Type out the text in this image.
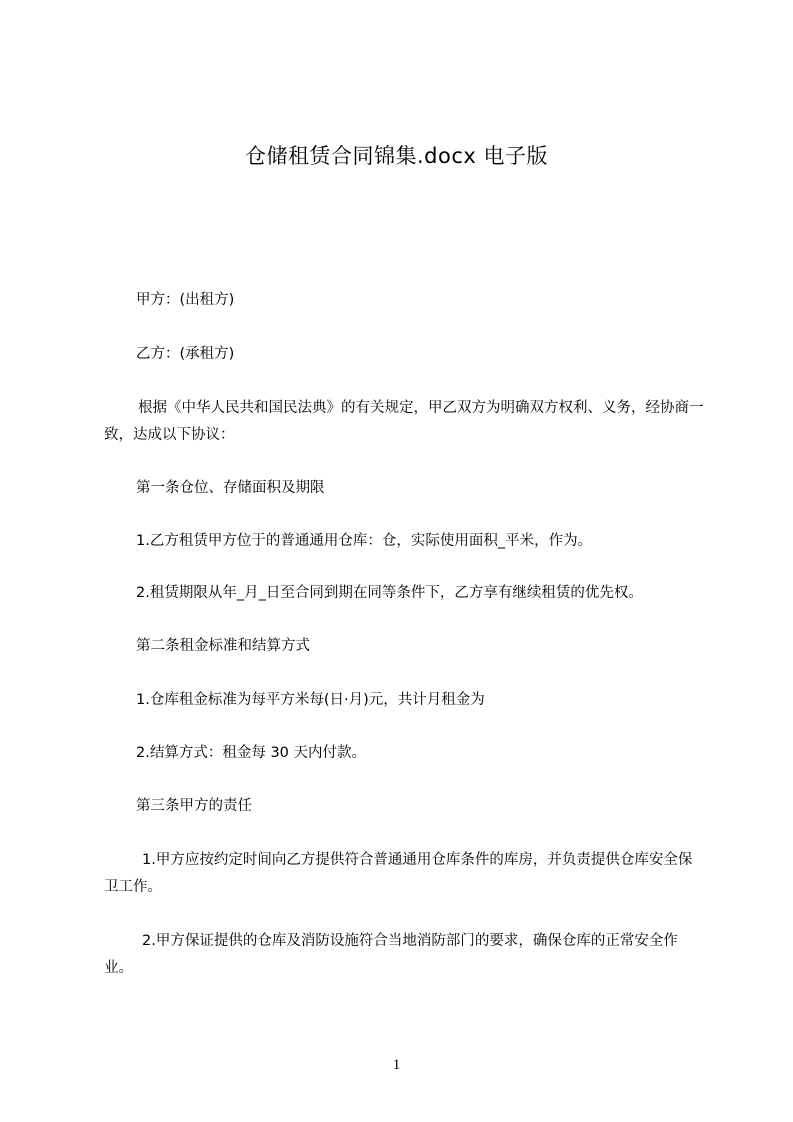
仓储租赁合同锦集.docx 电子版
甲方：(出租方)
乙方：(承租方)
根据《中华人民共和国民法典》的有关规定，甲乙双方为明确双方权利、义务，经协商一致，达成以下协议：
第一条仓位、存储面积及期限
1.乙方租赁甲方位于的普通通用仓库：仓，实际使用面积_平米，作为。
2.租赁期限从年_月_日至合同到期在同等条件下，乙方享有继续租赁的优先权。
第二条租金标准和结算方式
1.仓库租金标准为每平方米每(日·月)元，共计月租金为
2.结算方式：租金每 30 天内付款。
第三条甲方的责任
1.甲方应按约定时间向乙方提供符合普通通用仓库条件的库房，并负责提供仓库安全保卫工作。
2.甲方保证提供的仓库及消防设施符合当地消防部门的要求，确保仓库的正常安全作业。
1
